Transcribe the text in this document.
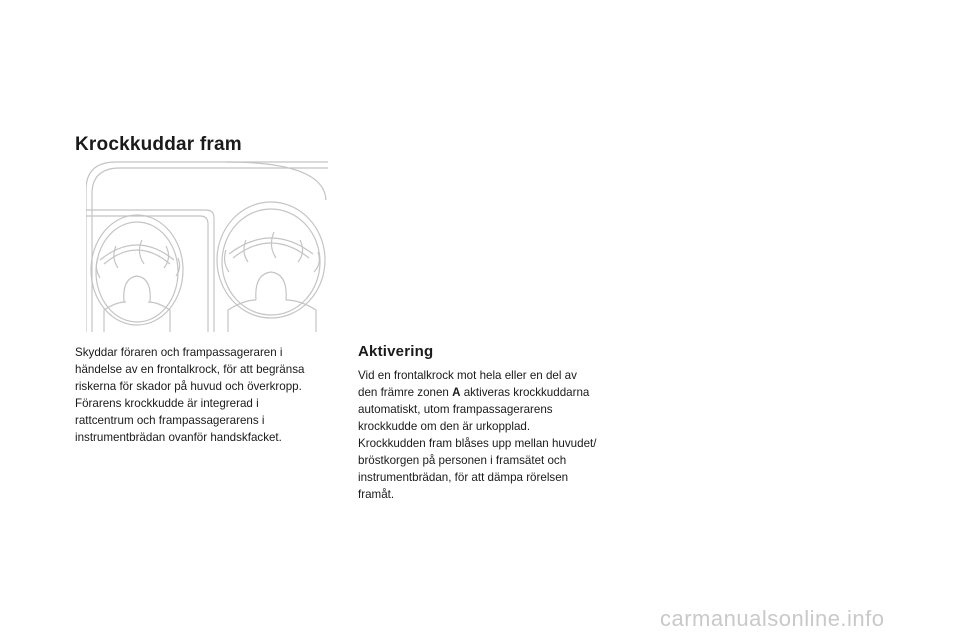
Krockkuddar fram

Skyddar föraren och frampassageraren i
händelse av en frontalkrock, för att begränsa
riskerna för skador på huvud och överkropp.
Förarens krockkudde är integrerad i
rattcentrum och frampassagerarens i
instrumentbrädan ovanför handskfacket.

Aktivering

Vid en frontalkrock mot hela eller en del av
den främre zonen A aktiveras krockkuddarna
automatiskt, utom frampassagerarens
krockkudde om den är urkopplad.
Krockkudden fram blåses upp mellan huvudet/
bröstkorgen på personen i framsätet och
instrumentbrädan, för att dämpa rörelsen
framåt.

carmanualsonline.info
